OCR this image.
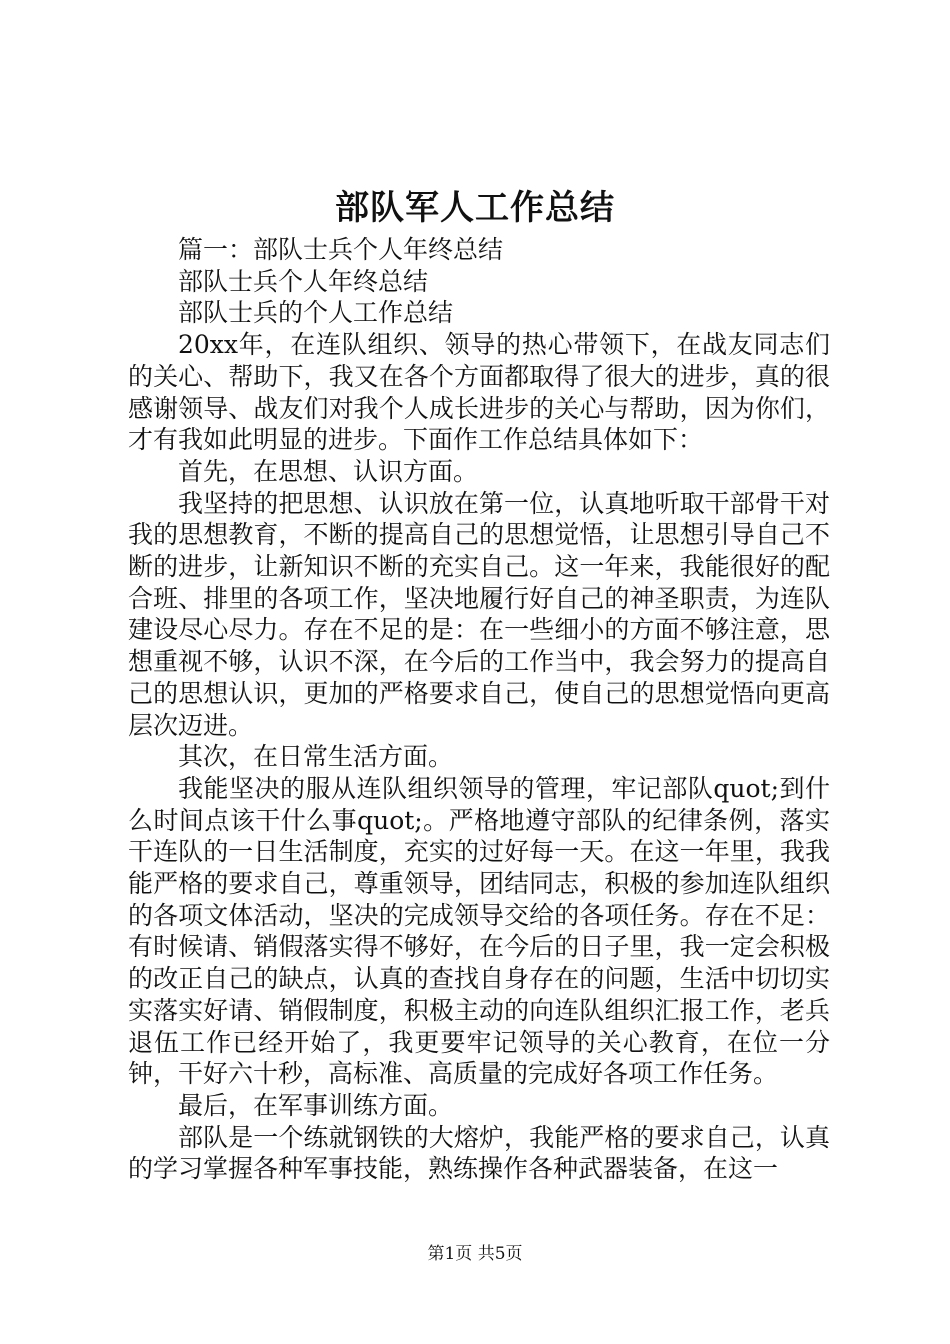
部队军人工作总结

篇一：部队士兵个人年终总结

部队士兵个人年终总结

部队士兵的个人工作总结

20xx年，在连队组织、领导的热心带领下，在战友同志们的关心、帮助下，我又在各个方面都取得了很大的进步，真的很感谢领导、战友们对我个人成长进步的关心与帮助，因为你们，才有我如此明显的进步。下面作工作总结具体如下：

首先，在思想、认识方面。

我坚持的把思想、认识放在第一位，认真地听取干部骨干对我的思想教育，不断的提高自己的思想觉悟，让思想引导自己不断的进步，让新知识不断的充实自己。这一年来，我能很好的配合班、排里的各项工作，坚决地履行好自己的神圣职责，为连队建设尽心尽力。存在不足的是：在一些细小的方面不够注意，思想重视不够，认识不深，在今后的工作当中，我会努力的提高自己的思想认识，更加的严格要求自己，使自己的思想觉悟向更高层次迈进。

其次，在日常生活方面。

我能坚决的服从连队组织领导的管理，牢记部队quot;到什么时间点该干什么事quot;。严格地遵守部队的纪律条例，落实干连队的一日生活制度，充实的过好每一天。在这一年里，我我能严格的要求自己，尊重领导，团结同志，积极的参加连队组织的各项文体活动，坚决的完成领导交给的各项任务。存在不足：有时候请、销假落实得不够好，在今后的日子里，我一定会积极的改正自己的缺点，认真的查找自身存在的问题，生活中切切实实落实好请、销假制度，积极主动的向连队组织汇报工作，老兵退伍工作已经开始了，我更要牢记领导的关心教育，在位一分钟，干好六十秒，高标准、高质量的完成好各项工作任务。

最后，在军事训练方面。

部队是一个练就钢铁的大熔炉，我能严格的要求自己，认真的学习掌握各种军事技能，熟练操作各种武器装备，在这一

第1页 共5页
